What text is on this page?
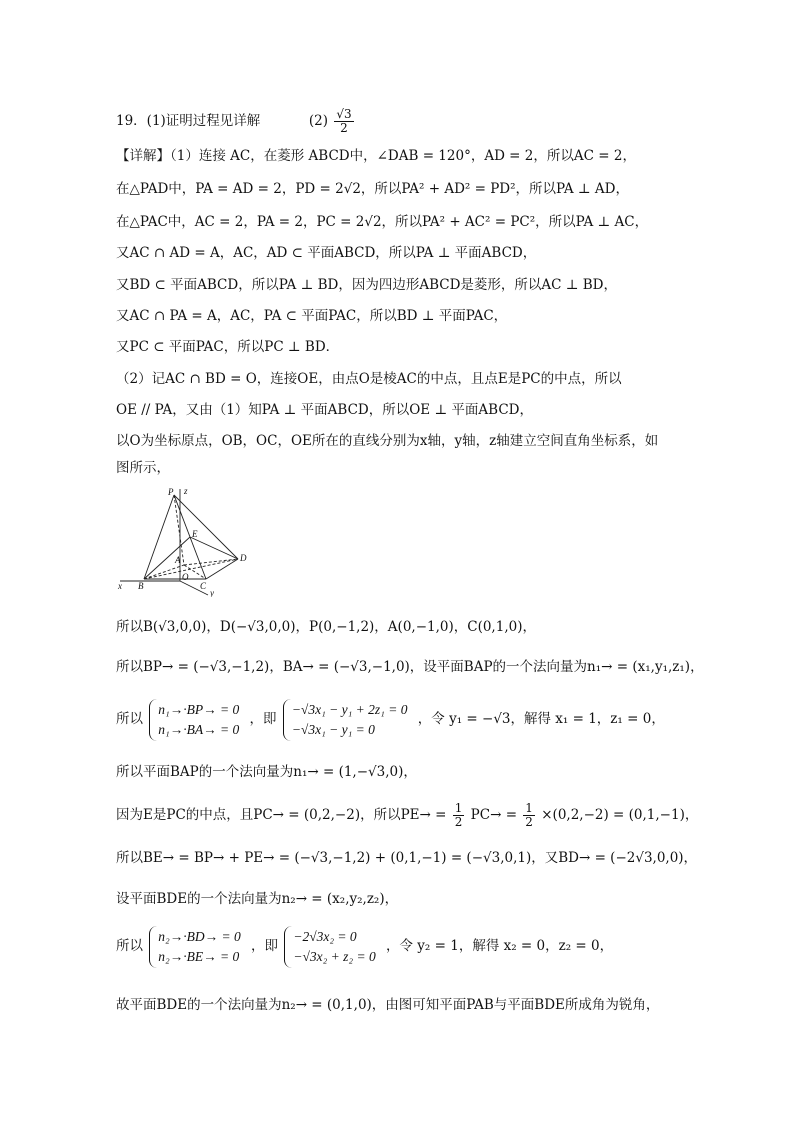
19．(1)证明过程见详解	$(2) \frac{√3}{2}$
【详解】（1）连接 AC，在菱形 ABCD中，∠DAB = 120°，AD = 2，所以AC = 2，
在△PAD中，PA = AD = 2，PD = 2√2，所以PA² + AD² = PD²，所以PA ⊥ AD，
在△PAC中，AC = 2，PA = 2，PC = 2√2，所以PA² + AC² = PC²，所以PA ⊥ AC，
又AC ∩ AD = A，AC，AD ⊂ 平面ABCD，所以PA ⊥ 平面ABCD，
又BD ⊂ 平面ABCD，所以PA ⊥ BD，因为四边形ABCD是菱形，所以AC ⊥ BD，
又AC ∩ PA = A，AC，PA ⊂ 平面PAC，所以BD ⊥ 平面PAC，
又PC ⊂ 平面PAC，所以PC ⊥ BD．
（2）记AC ∩ BD = O，连接OE，由点O是棱AC的中点，且点E是PC的中点，所以
OE // PA，又由（1）知PA ⊥ 平面ABCD，所以OE ⊥ 平面ABCD，
以O为坐标原点，OB，OC，OE所在的直线分别为x轴，y轴，z轴建立空间直角坐标系，如
图所示，
P z
E
A	D
O
x B	C
y
所以B(√3,0,0)，D(−√3,0,0)，P(0,−1,2)，A(0,−1,0)，C(0,1,0)，
所以BP→ = (−√3,−1,2)，BA→ = (−√3,−1,0)，设平面BAP的一个法向量为n₁→ = (x₁,y₁,z₁)，
所以
n₁→·BP→ = 0
n₁→·BA→ = 0
，即
−√3x₁ − y₁ + 2z₁ = 0
−√3x₁ − y₁ = 0
，令 y₁ = −√3，解得 x₁ = 1，z₁ = 0，
所以平面BAP的一个法向量为n₁→ = (1,−√3,0)，
因为E是PC的中点，且PC→ = (0,2,−2)，所以$PE\to = \frac{1}{2} PC\to = \frac{1}{2} \times(0,2,-2) = (0,1,-1)$，
所以BE→ = BP→ + PE→ = (−√3,−1,2) + (0,1,−1) = (−√3,0,1)，又BD→ = (−2√3,0,0)，
设平面BDE的一个法向量为n₂→ = (x₂,y₂,z₂)，
所以
n₂→·BD→ = 0
n₂→·BE→ = 0
，即
−2√3x₂ = 0
−√3x₂ + z₂ = 0
，令 y₂ = 1，解得 x₂ = 0，z₂ = 0，
故平面BDE的一个法向量为n₂→ = (0,1,0)，由图可知平面PAB与平面BDE所成角为锐角，
